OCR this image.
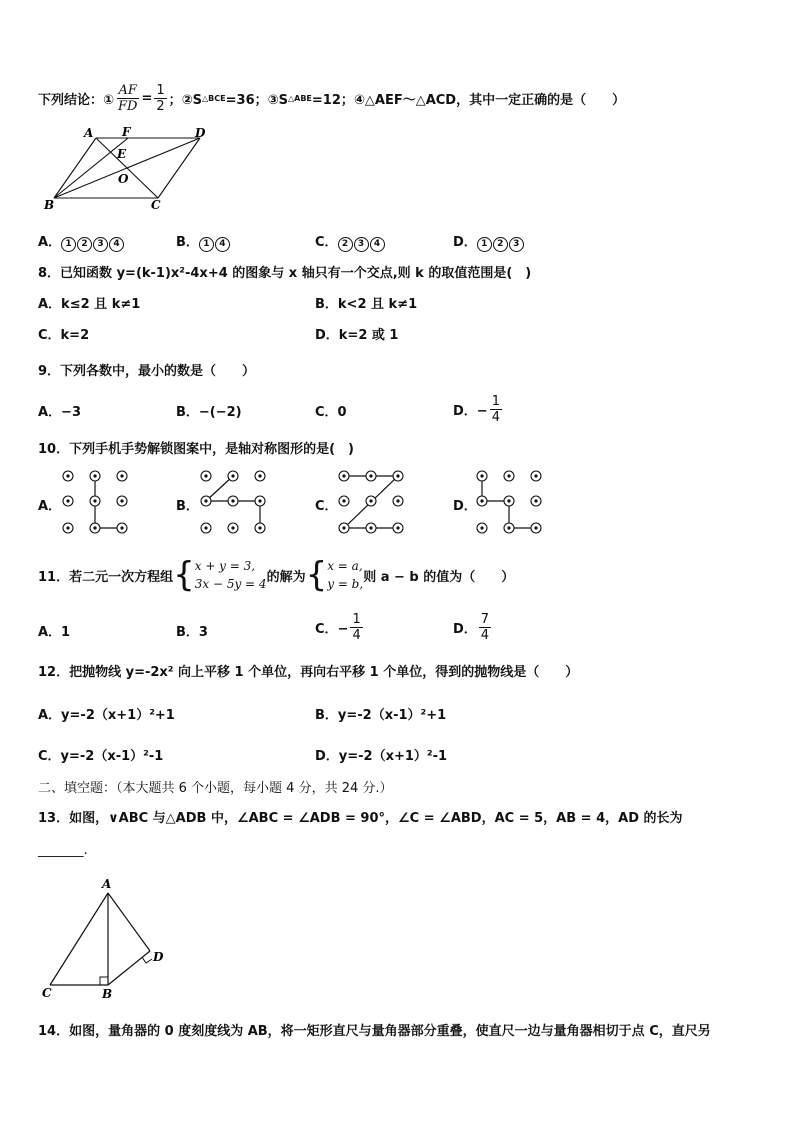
下列结论：① $\frac{AF}{FD} = \frac{1}{2}$ ；②S △BCE =36；③S △ABE =12；④△AEF～△ACD，其中一定正确的是（　　）
A F	D
E
O
B	C
A． 1 2 3 4	B． 1 4	C． 2 3 4	D． 1 2 3
8．已知函数 y=(k-1)x²-4x+4 的图象与 x 轴只有一个交点,则 k 的取值范围是(　)
A．k≤2 且 k≠1	B．k<2 且 k≠1
C．k=2	D．k=2 或 1
9．下列各数中，最小的数是（　　）
A．−3	B．−(−2)	C．0	D．− $\frac{1}{4}$
10．下列手机手势解锁图案中，是轴对称图形的是(　)
A．	B．	C．	D．
11．若二元一次方程组 { x + y = 3,
3x − 5y = 4 的解为 { x = a,
y = b, 则 a − b 的值为（　　）
A．1	B．3	C．− $\frac{1}{4}$	D． $\frac{7}{4}$
12．把抛物线 y=-2x² 向上平移 1 个单位，再向右平移 1 个单位，得到的抛物线是（　　）
A．y=-2（x+1）²+1	B．y=-2（x-1）²+1
C．y=-2（x-1）²-1	D．y=-2（x+1）²-1
二、填空题：（本大题共 6 个小题，每小题 4 分，共 24 分.）
13．如图，∨ABC 与△ADB 中，∠ABC = ∠ADB = 90°，∠C = ∠ABD，AC = 5，AB = 4，AD 的长为
_______.
A
C	B
D
14．如图，量角器的 0 度刻度线为 AB，将一矩形直尺与量角器部分重叠，使直尺一边与量角器相切于点 C，直尺另
